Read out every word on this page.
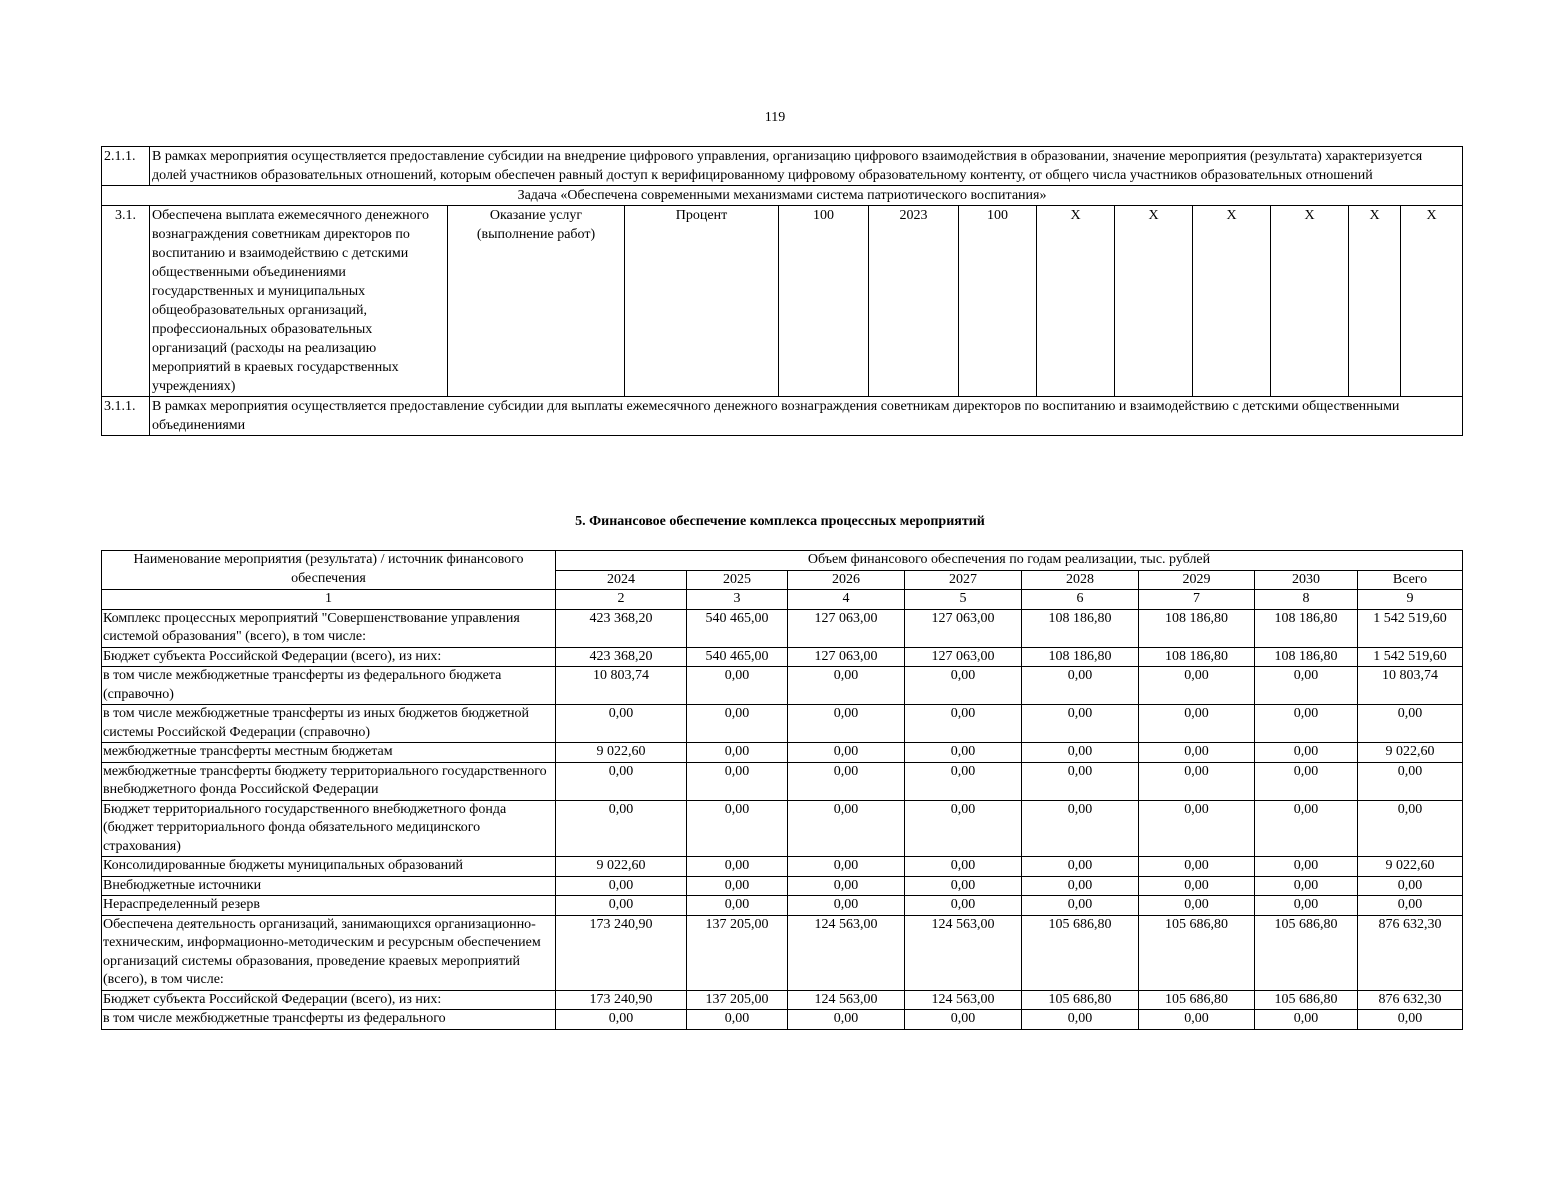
119
2.1.1.	В рамках мероприятия осуществляется предоставление субсидии на внедрение цифрового управления, организацию цифрового взаимодействия в образовании, значение мероприятия (результата) характеризуется долей участников образовательных отношений, которым обеспечен равный доступ к верифицированному цифровому образовательному контенту, от общего числа участников образовательных отношений											
Задача «Обеспечена современными механизмами система патриотического воспитания»												
3.1.	Обеспечена выплата ежемесячного денежного вознаграждения советникам директоров по воспитанию и взаимодействию с детскими общественными объединениями государственных и муниципальных общеобразовательных организаций, профессиональных образовательных организаций (расходы на реализацию мероприятий в краевых государственных учреждениях)	Оказание услуг (выполнение работ)	Процент	100	2023	100	Х	Х	Х	Х	Х	Х
3.1.1.	В рамках мероприятия осуществляется предоставление субсидии для выплаты ежемесячного денежного вознаграждения советникам директоров по воспитанию и взаимодействию с детскими общественными объединениями											
5. Финансовое обеспечение комплекса процессных мероприятий
Наименование мероприятия (результата) / источник финансового обеспечения	Объем финансового обеспечения по годам реализации, тыс. рублей							
	2024	2025	2026	2027	2028	2029	2030	Всего
1	2	3	4	5	6	7	8	9
Комплекс процессных мероприятий "Совершенствование управления системой образования" (всего), в том числе:	423 368,20	540 465,00	127 063,00	127 063,00	108 186,80	108 186,80	108 186,80	1 542 519,60
Бюджет субъекта Российской Федерации (всего), из них:	423 368,20	540 465,00	127 063,00	127 063,00	108 186,80	108 186,80	108 186,80	1 542 519,60
в том числе межбюджетные трансферты из федерального бюджета (справочно)	10 803,74	0,00	0,00	0,00	0,00	0,00	0,00	10 803,74
в том числе межбюджетные трансферты из иных бюджетов бюджетной системы Российской Федерации (справочно)	0,00	0,00	0,00	0,00	0,00	0,00	0,00	0,00
межбюджетные трансферты местным бюджетам	9 022,60	0,00	0,00	0,00	0,00	0,00	0,00	9 022,60
межбюджетные трансферты бюджету территориального государственного внебюджетного фонда Российской Федерации	0,00	0,00	0,00	0,00	0,00	0,00	0,00	0,00
Бюджет территориального государственного внебюджетного фонда (бюджет территориального фонда обязательного медицинского страхования)	0,00	0,00	0,00	0,00	0,00	0,00	0,00	0,00
Консолидированные бюджеты муниципальных образований	9 022,60	0,00	0,00	0,00	0,00	0,00	0,00	9 022,60
Внебюджетные источники	0,00	0,00	0,00	0,00	0,00	0,00	0,00	0,00
Нераспределенный резерв	0,00	0,00	0,00	0,00	0,00	0,00	0,00	0,00
Обеспечена деятельность организаций, занимающихся организационно-техническим, информационно-методическим и ресурсным обеспечением организаций системы образования, проведение краевых мероприятий (всего), в том числе:	173 240,90	137 205,00	124 563,00	124 563,00	105 686,80	105 686,80	105 686,80	876 632,30
Бюджет субъекта Российской Федерации (всего), из них:	173 240,90	137 205,00	124 563,00	124 563,00	105 686,80	105 686,80	105 686,80	876 632,30
в том числе межбюджетные трансферты из федерального	0,00	0,00	0,00	0,00	0,00	0,00	0,00	0,00
